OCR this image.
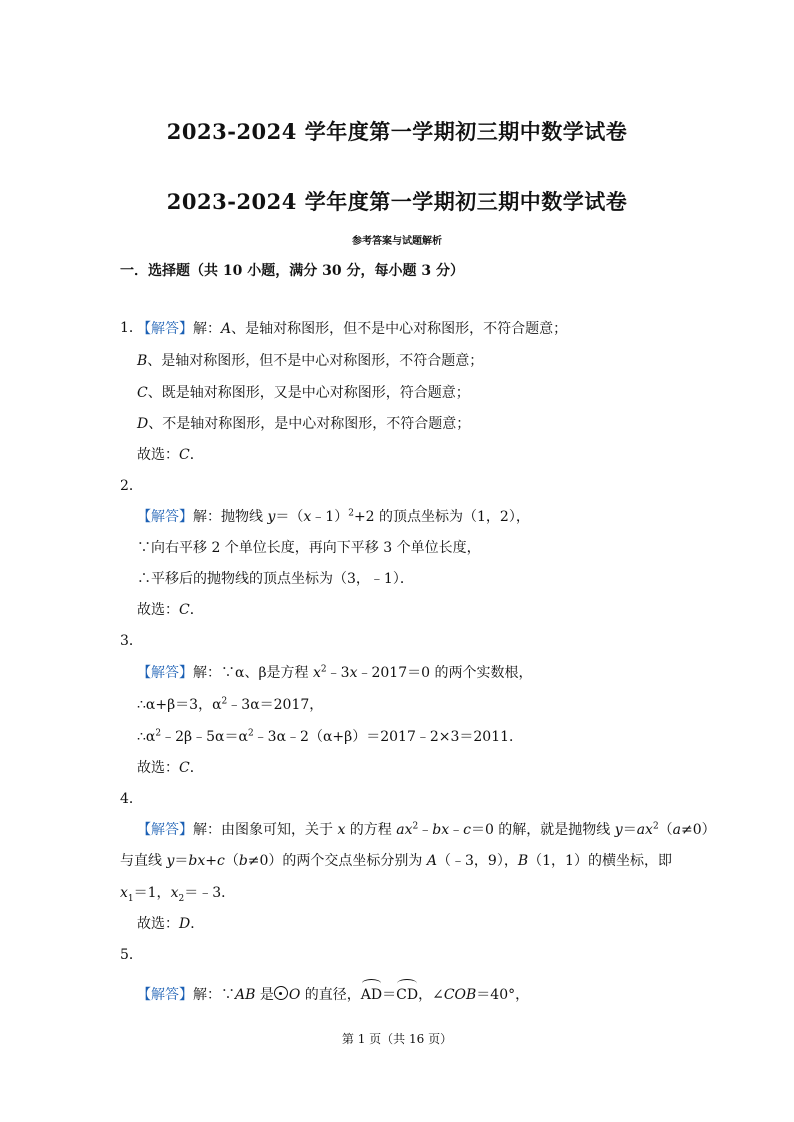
2023-2024 学年度第一学期初三期中数学试卷
2023-2024 学年度第一学期初三期中数学试卷
参考答案与试题解析
一．选择题（共 10 小题，满分 30 分，每小题 3 分）
1．
【解答】解：A、是轴对称图形，但不是中心对称图形，不符合题意；
B、是轴对称图形，但不是中心对称图形，不符合题意；
C、既是轴对称图形，又是中心对称图形，符合题意；
D、不是轴对称图形，是中心对称图形，不符合题意；
故选：C．
2．
【解答】解：抛物线 y＝（x﹣1）$^2$+2 的顶点坐标为（1，2），
∵向右平移 2 个单位长度，再向下平移 3 个单位长度，
∴平移后的抛物线的顶点坐标为（3，﹣1）．
故选：C．
3．
【解答】解：∵α、β是方程 $x^2﹣3x﹣2017=0$ 的两个实数根，
∴α+β＝3，$\alpha^2﹣3\alpha=2017$，
$\therefore\alpha^2﹣2\beta﹣5\alpha=\alpha^2﹣3\alpha﹣2(\alpha+\beta)=2017﹣2\times 3=2011$．
故选：C．
4．
【解答】解：由图象可知，关于 x 的方程 $ax^2﹣bx﹣c=0$ 的解，就是抛物线 $y=ax^2(a\ne 0)$
与直线 y＝bx+c（b≠0）的两个交点坐标分别为 A（﹣3，9），B（1，1）的横坐标，即
$x_1=1$，$x_2=﹣3$．
故选：D．
5．
【解答】解：∵AB 是 O 的直径，AD＝CD，∠COB＝40°，
第 1 页（共 16 页）
